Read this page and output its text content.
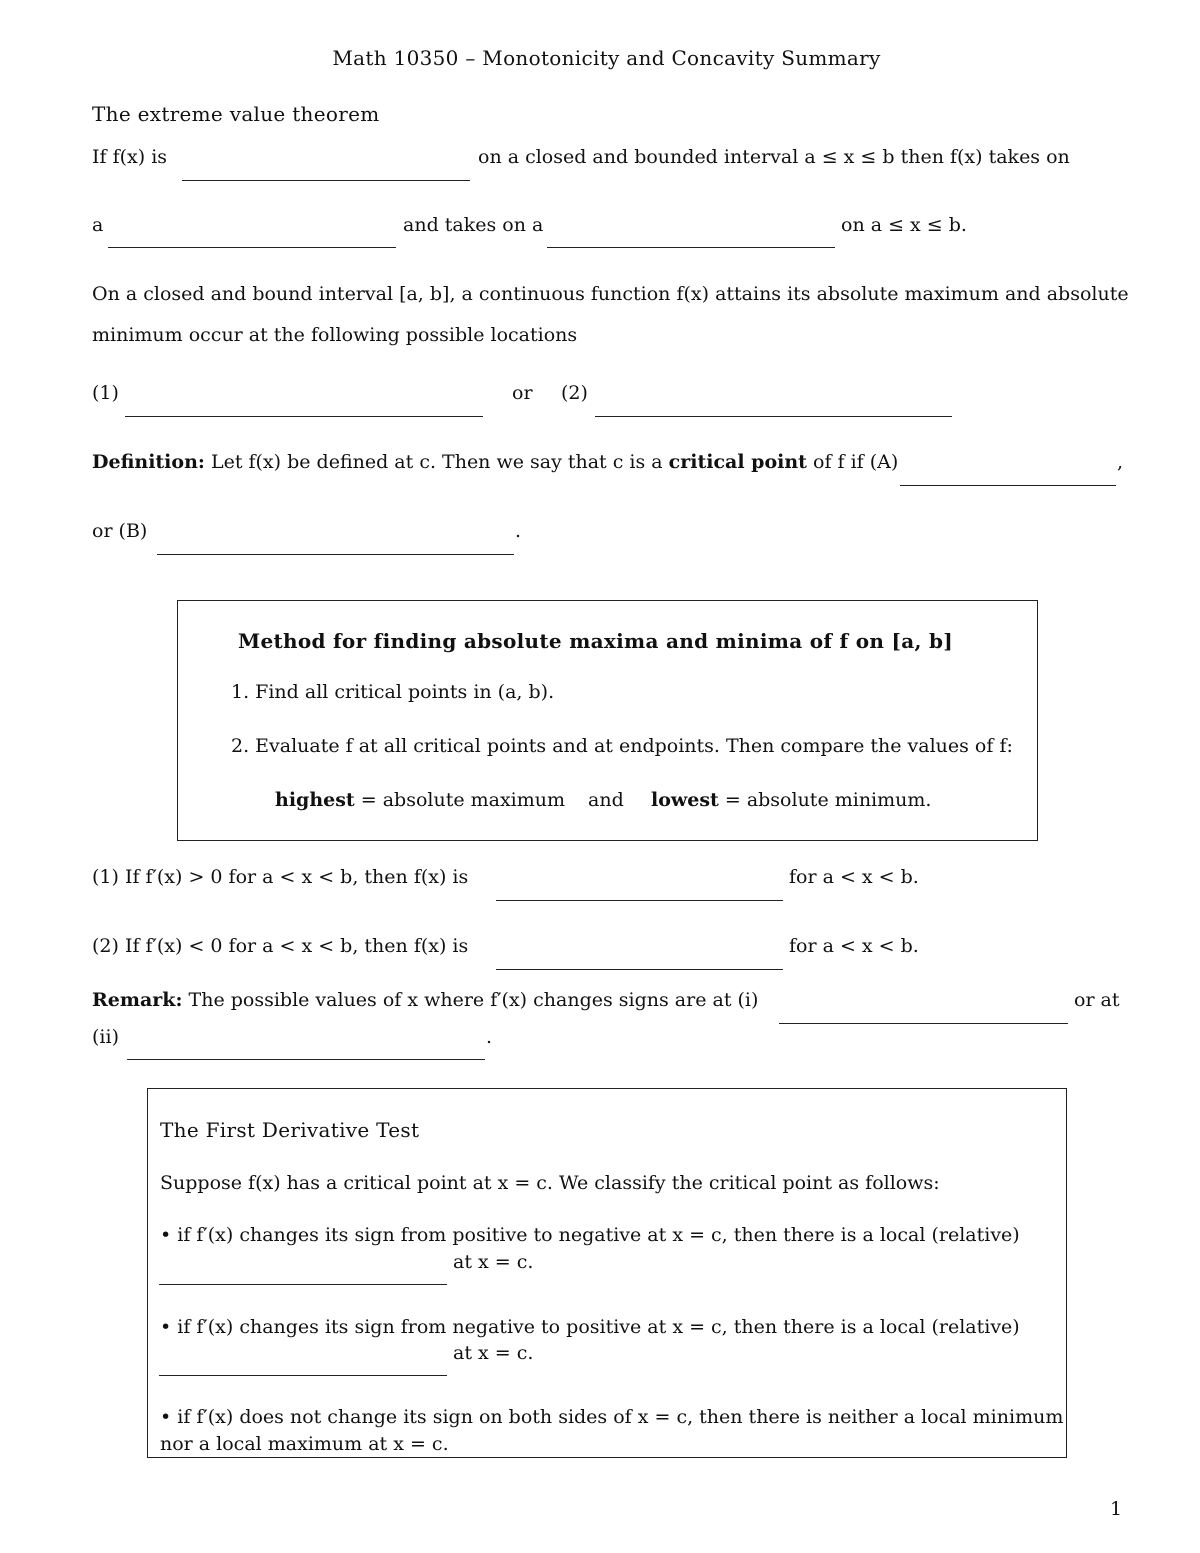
Math 10350 – Monotonicity and Concavity Summary
The extreme value theorem
If f(x) is	on a closed and bounded interval a ≤ x ≤ b then f(x) takes on
a	and takes on a	on a ≤ x ≤ b.
On a closed and bound interval [a, b], a continuous function f(x) attains its absolute maximum and absolute
minimum occur at the following possible locations
(1)	or (2)
Definition: Let f(x) be defined at c. Then we say that c is a critical point of f if (A)	,
or (B)	.
Method for finding absolute maxima and minima of f on [a, b]
1. Find all critical points in (a, b).
2. Evaluate f at all critical points and at endpoints. Then compare the values of f:
highest = absolute maximum and lowest = absolute minimum.
(1) If f′(x) > 0 for a < x < b, then f(x) is	for a < x < b.
(2) If f′(x) < 0 for a < x < b, then f(x) is	for a < x < b.
Remark: The possible values of x where f′(x) changes signs are at (i)	or at
(ii)	.
The First Derivative Test
Suppose f(x) has a critical point at x = c. We classify the critical point as follows:
• if f′(x) changes its sign from positive to negative at x = c, then there is a local (relative)
at x = c.
• if f′(x) changes its sign from negative to positive at x = c, then there is a local (relative)
at x = c.
• if f′(x) does not change its sign on both sides of x = c, then there is neither a local minimum
nor a local maximum at x = c.
1
